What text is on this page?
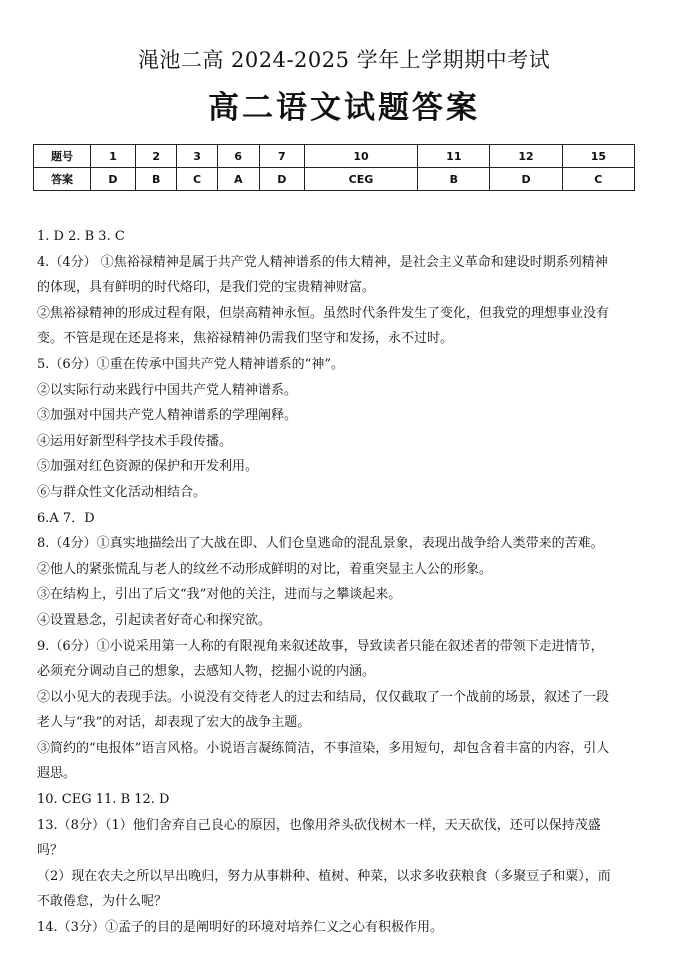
渑池二高 2024-2025 学年上学期期中考试
高二语文试题答案
题号	1	2	3	6	7	10	11	12	15
答案	D	B	C	A	D	CEG	B	D	C
1. D 2. B 3. C
4.（4分） ①焦裕禄精神是属于共产党人精神谱系的伟大精神，是社会主义革命和建设时期系列精神
的体现，具有鲜明的时代烙印，是我们党的宝贵精神财富。
②焦裕禄精神的形成过程有限，但崇高精神永恒。虽然时代条件发生了变化，但我党的理想事业没有
变。不管是现在还是将来，焦裕禄精神仍需我们坚守和发扬，永不过时。
5.（6分）①重在传承中国共产党人精神谱系的“神”。
②以实际行动来践行中国共产党人精神谱系。
③加强对中国共产党人精神谱系的学理阐释。
④运用好新型科学技术手段传播。
⑤加强对红色资源的保护和开发利用。
⑥与群众性文化活动相结合。
6.A 7．D
8.（4分）①真实地描绘出了大战在即、人们仓皇逃命的混乱景象，表现出战争给人类带来的苦难。
②他人的紧张慌乱与老人的纹丝不动形成鲜明的对比，着重突显主人公的形象。
③在结构上，引出了后文“我”对他的关注，进而与之攀谈起来。
④设置悬念，引起读者好奇心和探究欲。
9.（6分）①小说采用第一人称的有限视角来叙述故事，导致读者只能在叙述者的带领下走进情节，
必须充分调动自己的想象，去感知人物，挖掘小说的内涵。
②以小见大的表现手法。小说没有交待老人的过去和结局，仅仅截取了一个战前的场景，叙述了一段
老人与“我”的对话，却表现了宏大的战争主题。
③简约的“电报体”语言风格。小说语言凝练简洁，不事渲染，多用短句，却包含着丰富的内容，引人
遐思。
10. CEG 11. B 12. D
13.（8分）（1）他们舍弃自己良心的原因，也像用斧头砍伐树木一样，天天砍伐，还可以保持茂盛
吗？
（2）现在农夫之所以早出晚归，努力从事耕种、植树、种菜，以求多收获粮食（多聚豆子和粟），而
不敢倦怠，为什么呢？
14.（3分）①孟子的目的是阐明好的环境对培养仁义之心有积极作用。
